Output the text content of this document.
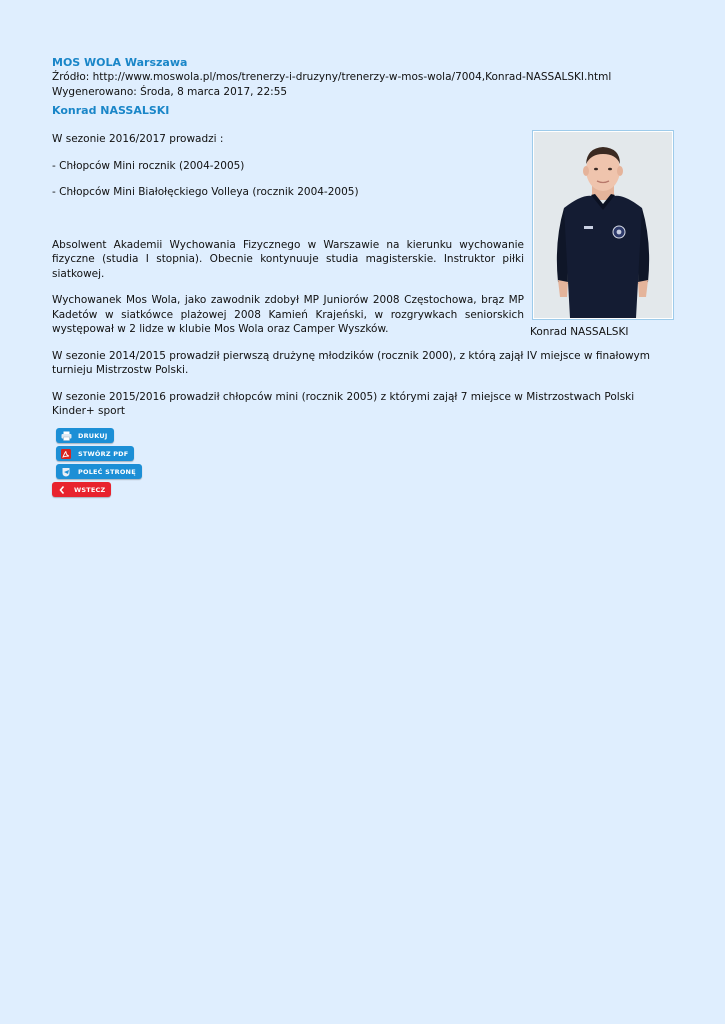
MOS WOLA Warszawa

Źródło: http://www.moswola.pl/mos/trenerzy-i-druzyny/trenerzy-w-mos-wola/7004,Konrad-NASSALSKI.html

Wygenerowano: Środa, 8 marca 2017, 22:55

Konrad NASSALSKI

Konrad NASSALSKI

W sezonie 2016/2017 prowadzi :

- Chłopców Mini rocznik (2004-2005)

- Chłopców Mini Białołęckiego Volleya (rocznik 2004-2005)

Absolwent Akademii Wychowania Fizycznego w Warszawie na kierunku wychowanie fizyczne (studia I stopnia). Obecnie kontynuuje studia magisterskie. Instruktor piłki siatkowej.

Wychowanek Mos Wola, jako zawodnik zdobył MP Juniorów 2008 Częstochowa, brąz MP Kadetów w siatkówce plażowej 2008 Kamień Krajeński, w rozgrywkach seniorskich występował w 2 lidze w klubie Mos Wola oraz Camper Wyszków.

W sezonie 2014/2015 prowadził pierwszą drużynę młodzików (rocznik 2000), z którą zajął IV miejsce w finałowym turnieju Mistrzostw Polski.

W sezonie 2015/2016 prowadził chłopców mini (rocznik 2005) z którymi zajął 7 miejsce w Mistrzostwach Polski Kinder+ sport

DRUKUJ
STWÓRZ PDF
POLEĆ STRONĘ
WSTECZ
